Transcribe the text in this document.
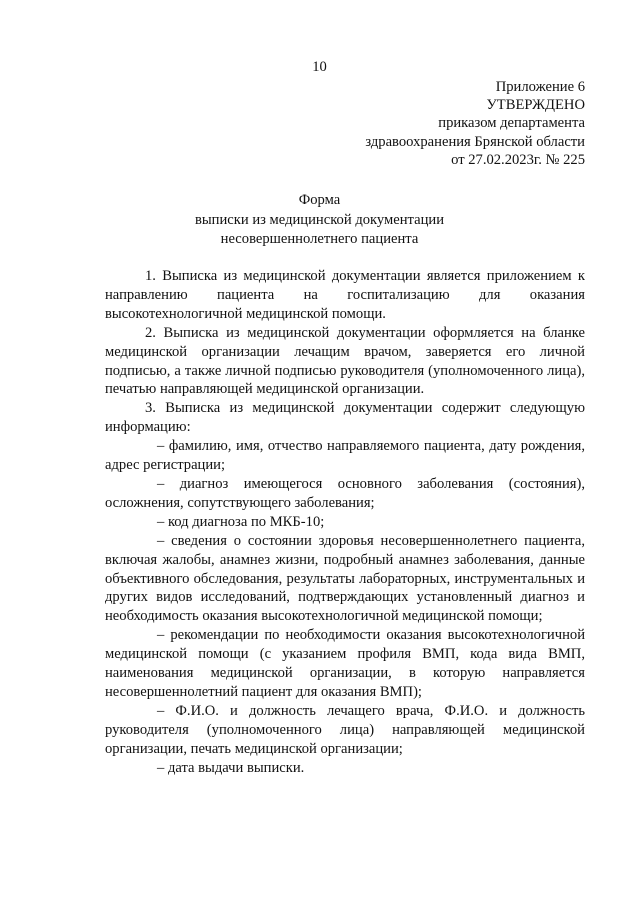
10
Приложение 6
УТВЕРЖДЕНО
приказом департамента
здравоохранения Брянской области
от 27.02.2023г. № 225
Форма
выписки из медицинской документации
несовершеннолетнего пациента

1. Выписка из медицинской документации является приложением к направлению пациента на госпитализацию для оказания высокотехнологичной медицинской помощи.

2. Выписка из медицинской документации оформляется на бланке медицинской организации лечащим врачом, заверяется его личной подписью, а также личной подписью руководителя (уполномоченного лица), печатью направляющей медицинской организации.

3. Выписка из медицинской документации содержит следующую информацию:

– фамилию, имя, отчество направляемого пациента, дату рождения, адрес регистрации;

– диагноз имеющегося основного заболевания (состояния), осложнения, сопутствующего заболевания;

– код диагноза по МКБ-10;

– сведения о состоянии здоровья несовершеннолетнего пациента, включая жалобы, анамнез жизни, подробный анамнез заболевания, данные объективного обследования, результаты лабораторных, инструментальных и других видов исследований, подтверждающих установленный диагноз и необходимость оказания высокотехнологичной медицинской помощи;

– рекомендации по необходимости оказания высокотехнологичной медицинской помощи (с указанием профиля ВМП, кода вида ВМП, наименования медицинской организации, в которую направляется несовершеннолетний пациент для оказания ВМП);

– Ф.И.О. и должность лечащего врача, Ф.И.О. и должность руководителя (уполномоченного лица) направляющей медицинской организации, печать медицинской организации;

– дата выдачи выписки.
